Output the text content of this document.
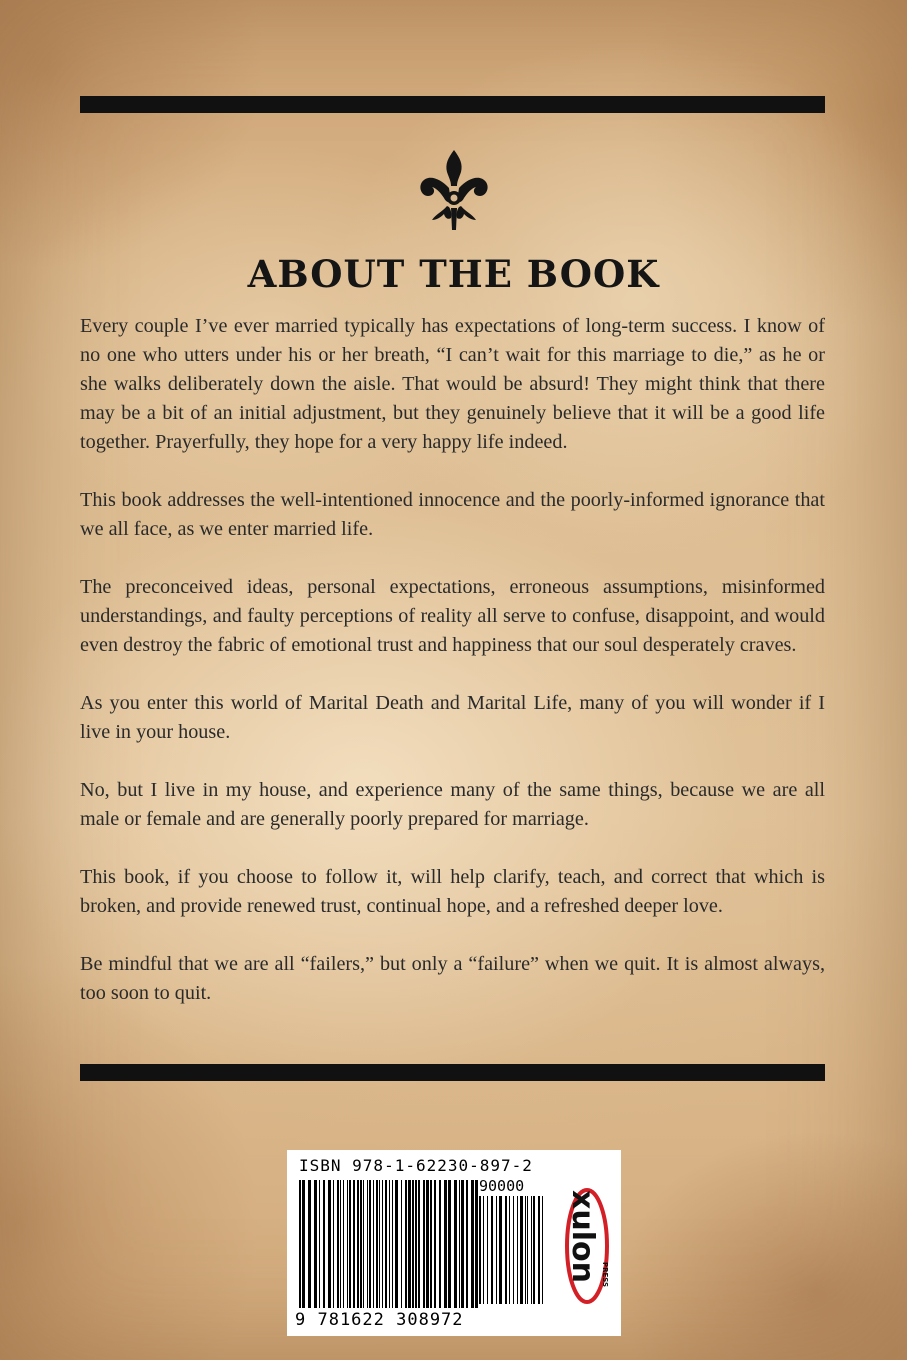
ABOUT THE BOOK

Every couple I’ve ever married typically has expectations of long-term success. I know of no one who utters under his or her breath, “I can’t wait for this marriage to die,” as he or she walks deliberately down the aisle. That would be absurd! They might think that there may be a bit of an initial adjustment, but they genuinely believe that it will be a good life together. Prayerfully, they hope for a very happy life indeed.

This book addresses the well-intentioned innocence and the poorly-informed ignorance that we all face, as we enter married life.

The preconceived ideas, personal expectations, erroneous assumptions, misinformed understandings, and faulty perceptions of reality all serve to confuse, disappoint, and would even destroy the fabric of emotional trust and happiness that our soul desperately craves.

As you enter this world of Marital Death and Marital Life, many of you will wonder if I live in your house.

No, but I live in my house, and experience many of the same things, because we are all male or female and are generally poorly prepared for marriage.

This book, if you choose to follow it, will help clarify, teach, and correct that which is broken, and provide renewed trust, continual hope, and a refreshed deeper love.

Be mindful that we are all “failers,” but only a “failure” when we quit. It is almost always, too soon to quit.

ISBN 978-1-62230-897-2
90000
9 781622 308972
xulon PRESS
